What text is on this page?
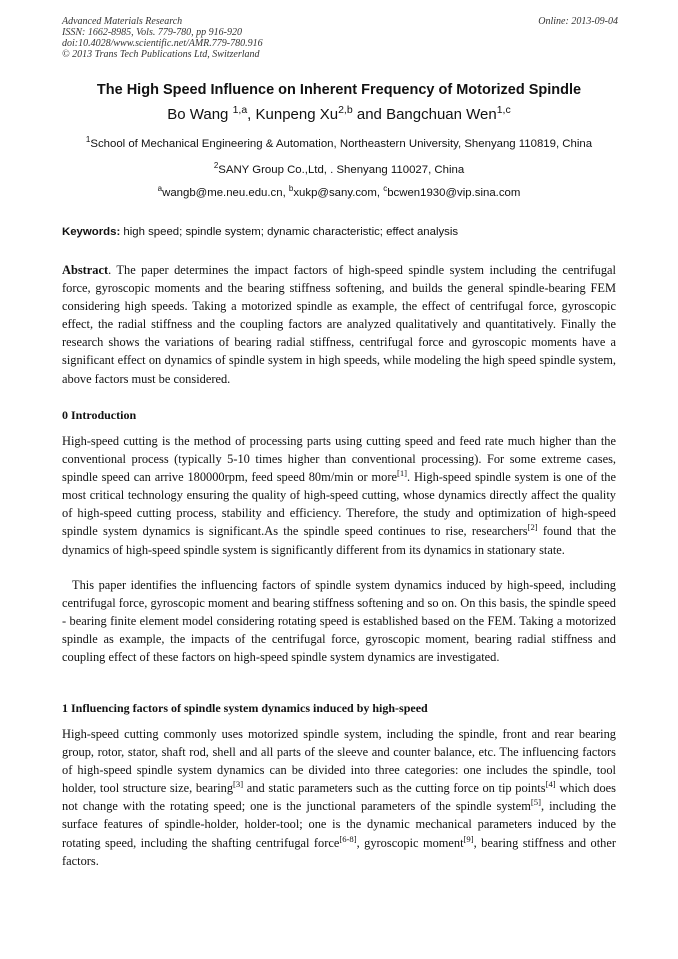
Advanced Materials Research
ISSN: 1662-8985, Vols. 779-780, pp 916-920
doi:10.4028/www.scientific.net/AMR.779-780.916
© 2013 Trans Tech Publications Ltd, Switzerland
Online: 2013-09-04
The High Speed Influence on Inherent Frequency of Motorized Spindle
Bo Wang $^{1,a}$, Kunpeng Xu$^{2,b}$ and Bangchuan Wen$^{1,c}$
$^1$School of Mechanical Engineering & Automation, Northeastern University, Shenyang 110819, China
$^2$SANY Group Co.,Ltd, . Shenyang 110027, China
$^a$wangb@me.neu.edu.cn, $^b$xukp@sany.com, $^c$bcwen1930@vip.sina.com
Keywords: high speed; spindle system; dynamic characteristic; effect analysis
Abstract. The paper determines the impact factors of high-speed spindle system including the centrifugal force, gyroscopic moments and the bearing stiffness softening, and builds the general spindle-bearing FEM considering high speeds. Taking a motorized spindle as example, the effect of centrifugal force, gyroscopic effect, the radial stiffness and the coupling factors are analyzed qualitatively and quantitatively. Finally the research shows the variations of bearing radial stiffness, centrifugal force and gyroscopic moments have a significant effect on dynamics of spindle system in high speeds, while modeling the high speed spindle system, above factors must be considered.
0 Introduction
High-speed cutting is the method of processing parts using cutting speed and feed rate much higher than the conventional process (typically 5-10 times higher than conventional processing). For some extreme cases, spindle speed can arrive 180000rpm, feed speed 80m/min or more[1]. High-speed spindle system is one of the most critical technology ensuring the quality of high-speed cutting, whose dynamics directly affect the quality of high-speed cutting process, stability and efficiency. Therefore, the study and optimization of high-speed spindle system dynamics is significant.As the spindle speed continues to rise, researchers[2] found that the dynamics of high-speed spindle system is significantly different from its dynamics in stationary state.
This paper identifies the influencing factors of spindle system dynamics induced by high-speed, including centrifugal force, gyroscopic moment and bearing stiffness softening and so on. On this basis, the spindle speed - bearing finite element model considering rotating speed is established based on the FEM. Taking a motorized spindle as example, the impacts of the centrifugal force, gyroscopic moment, bearing radial stiffness and coupling effect of these factors on high-speed spindle system dynamics are investigated.
1 Influencing factors of spindle system dynamics induced by high-speed
High-speed cutting commonly uses motorized spindle system, including the spindle, front and rear bearing group, rotor, stator, shaft rod, shell and all parts of the sleeve and counter balance, etc. The influencing factors of high-speed spindle system dynamics can be divided into three categories: one includes the spindle, tool holder, tool structure size, bearing[3] and static parameters such as the cutting force on tip points[4] which does not change with the rotating speed; one is the junctional parameters of the spindle system[5], including the surface features of spindle-holder, holder-tool; one is the dynamic mechanical parameters induced by the rotating speed, including the shafting centrifugal force[6-8], gyroscopic moment[9], bearing stiffness and other factors.
